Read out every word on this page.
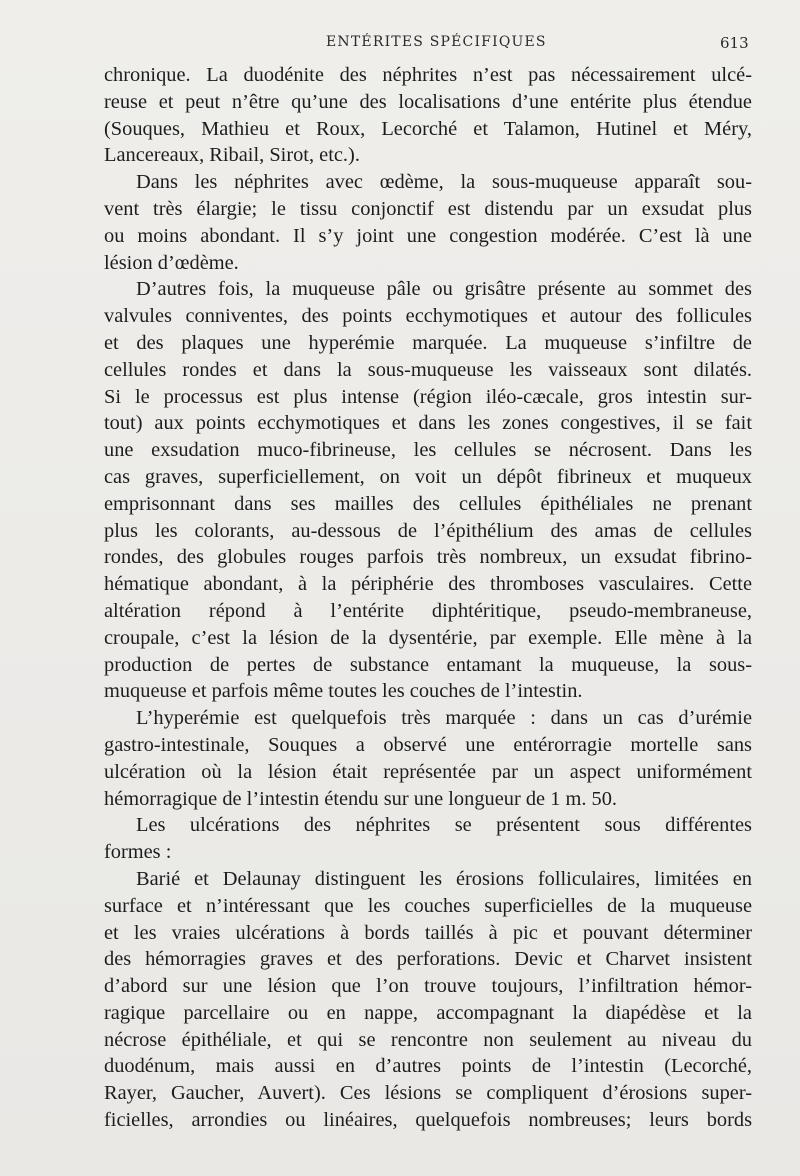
ENTÉRITES SPÉCIFIQUES	613
chronique. La duodénite des néphrites n’est pas nécessairement ulcé-
reuse et peut n’être qu’une des localisations d’une entérite plus étendue
(Souques, Mathieu et Roux, Lecorché et Talamon, Hutinel et Méry,
Lancereaux, Ribail, Sirot, etc.).
Dans les néphrites avec œdème, la sous-muqueuse apparaît sou-
vent très élargie; le tissu conjonctif est distendu par un exsudat plus
ou moins abondant. Il s’y joint une congestion modérée. C’est là une
lésion d’œdème.
D’autres fois, la muqueuse pâle ou grisâtre présente au sommet des
valvules conniventes, des points ecchymotiques et autour des follicules
et des plaques une hyperémie marquée. La muqueuse s’infiltre de
cellules rondes et dans la sous-muqueuse les vaisseaux sont dilatés.
Si le processus est plus intense (région iléo-cæcale, gros intestin sur-
tout) aux points ecchymotiques et dans les zones congestives, il se fait
une exsudation muco-fibrineuse, les cellules se nécrosent. Dans les
cas graves, superficiellement, on voit un dépôt fibrineux et muqueux
emprisonnant dans ses mailles des cellules épithéliales ne prenant
plus les colorants, au-dessous de l’épithélium des amas de cellules
rondes, des globules rouges parfois très nombreux, un exsudat fibrino-
hématique abondant, à la périphérie des thromboses vasculaires. Cette
altération répond à l’entérite diphtéritique, pseudo-membraneuse,
croupale, c’est la lésion de la dysentérie, par exemple. Elle mène à la
production de pertes de substance entamant la muqueuse, la sous-
muqueuse et parfois même toutes les couches de l’intestin.
L’hyperémie est quelquefois très marquée : dans un cas d’urémie
gastro-intestinale, Souques a observé une entérorragie mortelle sans
ulcération où la lésion était représentée par un aspect uniformément
hémorragique de l’intestin étendu sur une longueur de 1 m. 50.
Les ulcérations des néphrites se présentent sous différentes
formes :
Barié et Delaunay distinguent les érosions folliculaires, limitées en
surface et n’intéressant que les couches superficielles de la muqueuse
et les vraies ulcérations à bords taillés à pic et pouvant déterminer
des hémorragies graves et des perforations. Devic et Charvet insistent
d’abord sur une lésion que l’on trouve toujours, l’infiltration hémor-
ragique parcellaire ou en nappe, accompagnant la diapédèse et la
nécrose épithéliale, et qui se rencontre non seulement au niveau du
duodénum, mais aussi en d’autres points de l’intestin (Lecorché,
Rayer, Gaucher, Auvert). Ces lésions se compliquent d’érosions super-
ficielles, arrondies ou linéaires, quelquefois nombreuses; leurs bords
